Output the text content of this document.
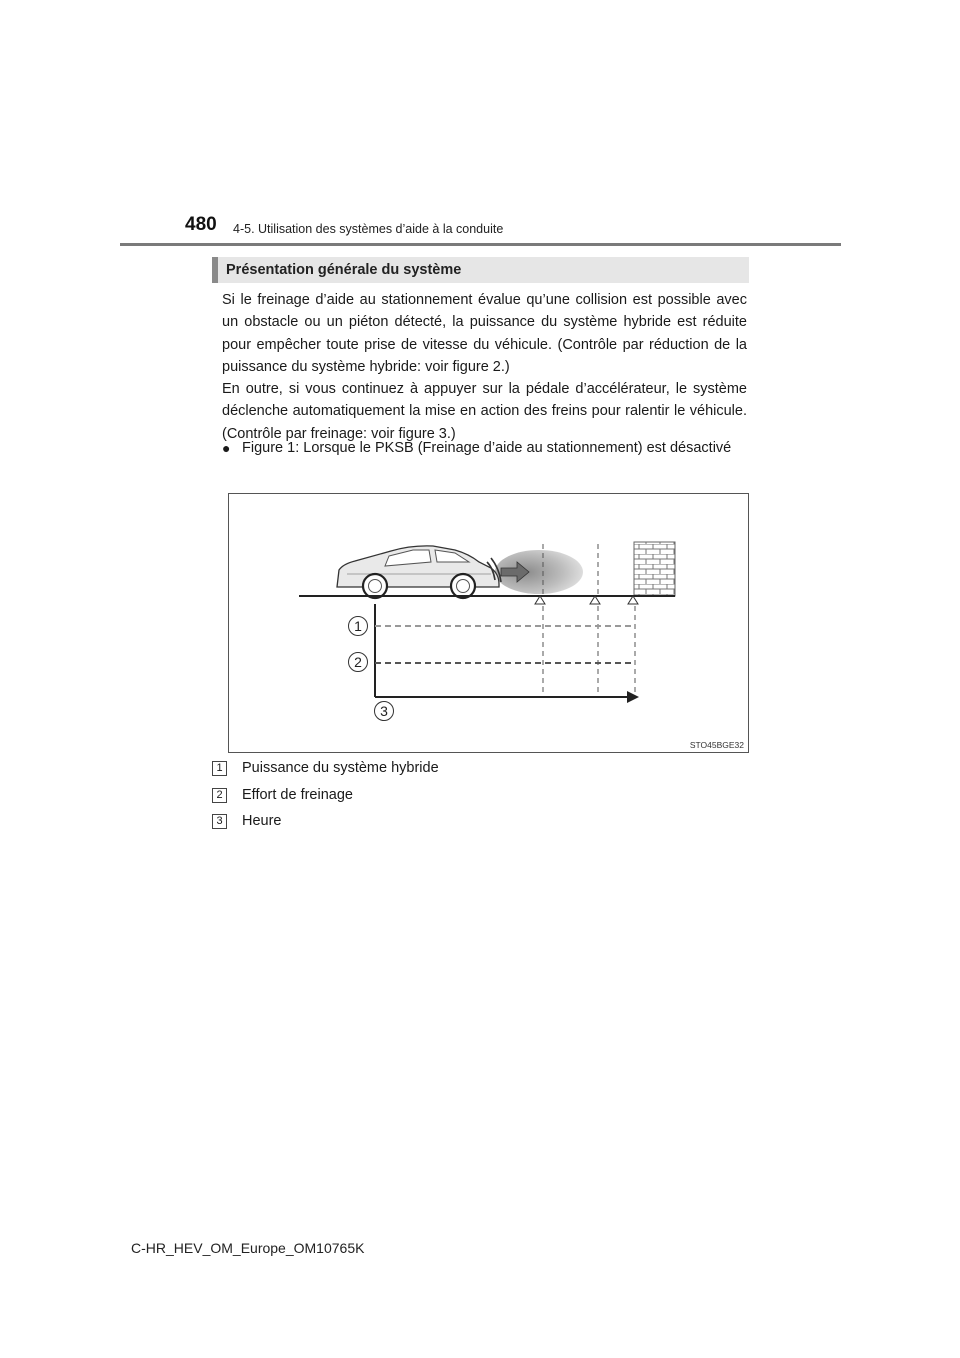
480 4-5. Utilisation des systèmes d’aide à la conduite
Présentation générale du système

Si le freinage d’aide au stationnement évalue qu’une collision est possible avec un obstacle ou un piéton détecté, la puissance du système hybride est réduite pour empêcher toute prise de vitesse du véhicule. (Contrôle par réduction de la puissance du système hybride: voir figure 2.)

En outre, si vous continuez à appuyer sur la pédale d’accélérateur, le système déclenche automatiquement la mise en action des freins pour ralentir le véhicule. (Contrôle par freinage: voir figure 3.)

● Figure 1: Lorsque le PKSB (Freinage d’aide au stationnement) est désactivé
1
2
3
STO45BGE32
1	Puissance du système hybride
2	Effort de freinage
3	Heure
C-HR_HEV_OM_Europe_OM10765K
